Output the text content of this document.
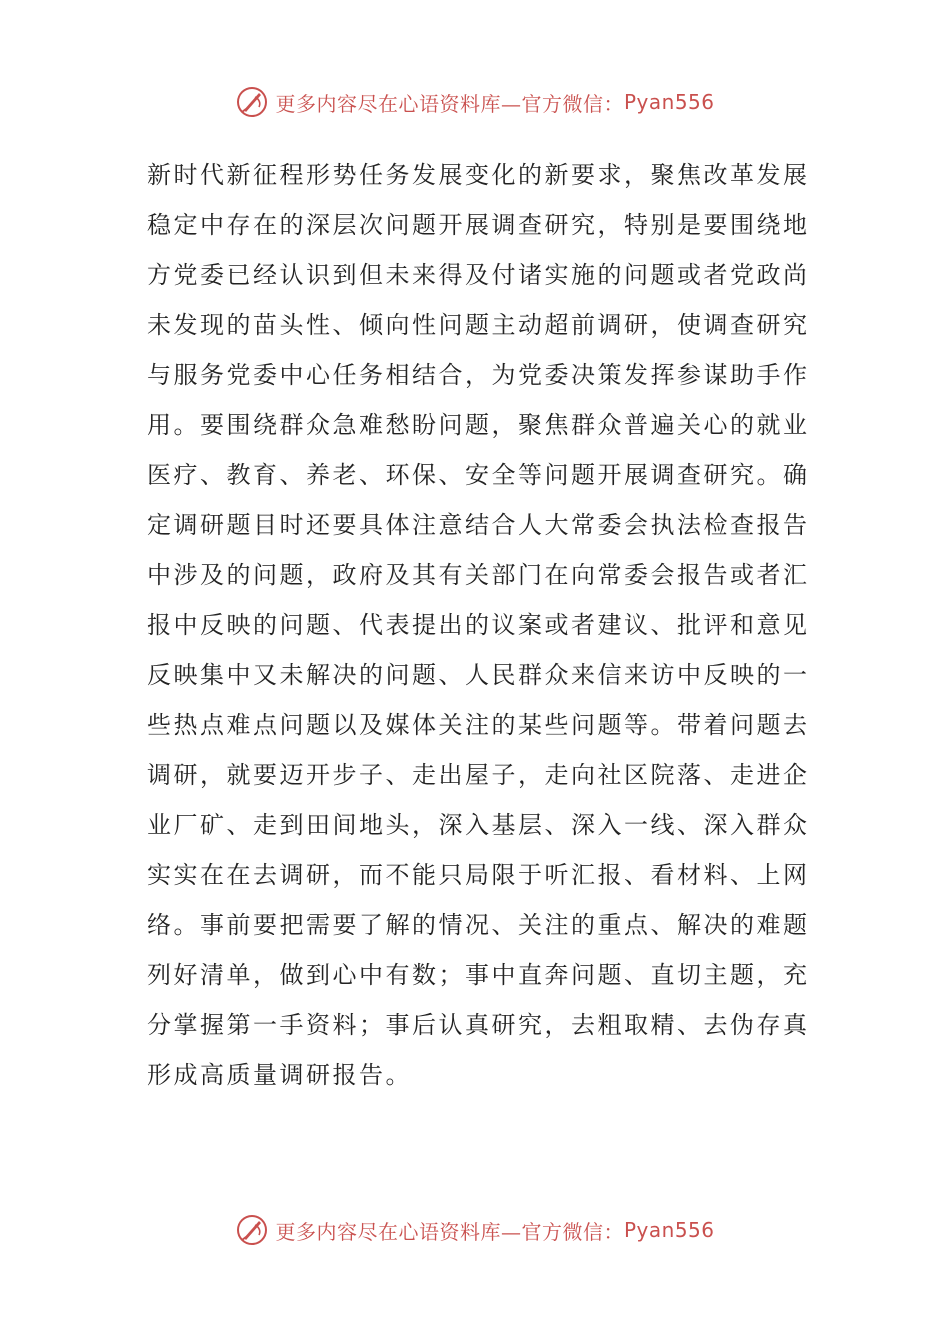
更多内容尽在心语资料库—官方微信： Pyan556
新时代新征程形势任务发展变化的新要求，聚焦改革发展
稳定中存在的深层次问题开展调查研究，特别是要围绕地
方党委已经认识到但未来得及付诸实施的问题或者党政尚
未发现的苗头性、倾向性问题主动超前调研，使调查研究
与服务党委中心任务相结合，为党委决策发挥参谋助手作
用。要围绕群众急难愁盼问题，聚焦群众普遍关心的就业
医疗、教育、养老、环保、安全等问题开展调查研究。确
定调研题目时还要具体注意结合人大常委会执法检查报告
中涉及的问题，政府及其有关部门在向常委会报告或者汇
报中反映的问题、代表提出的议案或者建议、批评和意见
反映集中又未解决的问题、人民群众来信来访中反映的一
些热点难点问题以及媒体关注的某些问题等。带着问题去
调研，就要迈开步子、走出屋子，走向社区院落、走进企
业厂矿、走到田间地头，深入基层、深入一线、深入群众
实实在在去调研，而不能只局限于听汇报、看材料、上网
络。事前要把需要了解的情况、关注的重点、解决的难题
列好清单，做到心中有数；事中直奔问题、直切主题，充
分掌握第一手资料；事后认真研究，去粗取精、去伪存真
形成高质量调研报告。
更多内容尽在心语资料库—官方微信： Pyan556
